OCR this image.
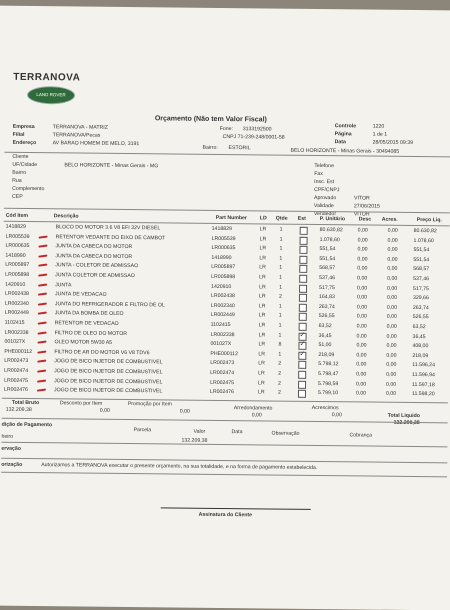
TERRANOVA
LAND ROVER
Orçamento (Não tem Valor Fiscal)
Empresa	TERRANOVA - MATRIZ
Filial	TERRANOVA/Pecas
Endereço	AV BARAO HOMEM DE MELO, 3191
Fone: 3133192500
CNPJ 71-239-248/0001-58
Bairro: ESTORIL
Controle	1220
Página	1 de 1
Data	28/05/2015 09:39
BELO HORIZONTE - Minas Gerais - 30494085
Cliente
UF/Cidade	BELO HORIZONTE - Minas Gerais - MG
Bairro
Rua
Complemento
CEP
Telefone
Fax
Insc. Est
CPF/CNPJ
Aprovado	VITOR
Validade	27/06/2015
Vendedor	VITOR
Cód Item	Descrição	Part Number LD Qtde Est	P. Unitário	Desc Acres.	Preço Liq.
1418829	BLOCO DO MOTOR 3.6 V8 EFI 32V DIESEL	1418829	LR	1	80.630,82	0,00	0,00	80.630,82
LR005539	RETENTOR VEDANTE DO EIXO DE CAMBOT	LR005539	LR	1	1.078,60	0,00	0,00	1.078,60
LR000635	JUNTA DA CABECA DO MOTOR	LR000635	LR	1	551,54	0,00	0,00	551,54
1418990	JUNTA DA CABECA DO MOTOR	1418990	LR	1	551,54	0,00	0,00	551,54
LR005897	JUNTA - COLETOR DE ADMISSAO	LR005897	LR	1	568,57	0,00	0,00	568,57
LR005898	JUNTA COLETOR DE ADMISSAO	LR005898	LR	1	537,46	0,00	0,00	537,46
1420910	JUNTA	1420910	LR	1	517,75	0,00	0,00	517,75
LR002438	JUNTA DE VEDACAO	LR002438	LR	2	164,83	0,00	0,00	329,66
LR002340	JUNTA DO REFRIGERADOR E FILTRO DE OL	LR002340	LR	1	263,74	0,00	0,00	263,74
LR002449	JUNTA DA BOMBA DE OLEO	LR002449	LR	1	526,55	0,00	0,00	526,55
1102415	RETENTOR DE VEDACAO	1102415	LR	1	63,52	0,00	0,00	63,52
LR002338	FILTRO DE OLEO DO MOTOR	LR002338	LR	1	36,45	0,00	0,00	36,45
✓
001027X	OLEO MOTOR 5W30 A5	001027X	LR	8	51,00	0,00	0,00	408,00
✓
PHE000112	FILTRO DE AR DO MOTOR V6 V8 TDV6	PHE000112	LR	1	218,09	0,00	0,00	218,09
✓
LR002473	JOGO DE BICO INJETOR DE COMBUSTIVEL	LR002473	LR	2	5.798,12	0,00	0,00	11.596,24
LR002474	JOGO DE BICO INJETOR DE COMBUSTIVEL	LR002474	LR	2	5.798,47	0,00	0,00	11.596,94
LR002475	JOGO DE BICO INJETOR DE COMBUSTIVEL	LR002475	LR	2	5.798,59	0,00	0,00	11.597,18
LR002476	JOGO DE BICO INJETOR DE COMBUSTIVEL	LR002476	LR	2	5.799,10	0,00	0,00	11.598,20
Total Bruto
132.209,38
Desconto por Item
0,00
Promoção por Item
0,00
Arredondamento
0,00
Acrescimos
0,00	Total Liquido
132.209,38
dição de Pagamento
Parcela	Valor	Data	Observação	Cobrança
heiro
132.209,38
ervação
orização	Autorizamos a TERRANOVA executar o presente orçamento, na sua totalidade, e na forma de pagamento estabelecida.
Assinatura do Cliente
